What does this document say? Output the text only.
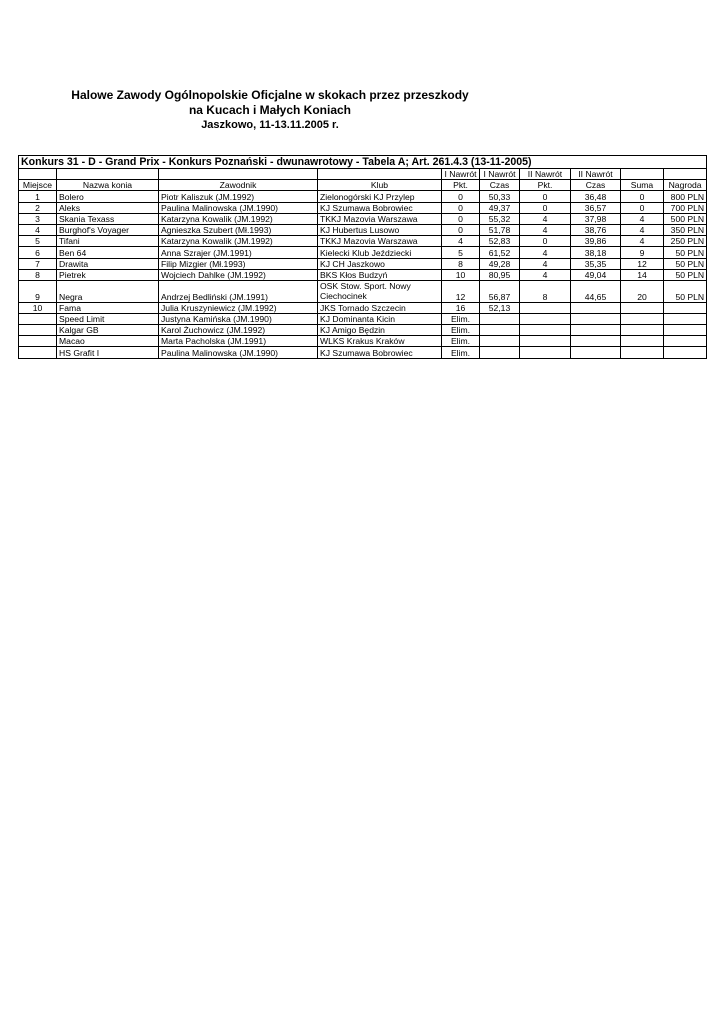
Halowe Zawody Ogólnopolskie Oficjalne w skokach przez przeszkody
na Kucach i Małych Koniach
Jaszkowo, 11-13.11.2005 r.
Konkurs 31 - D - Grand Prix - Konkurs Poznański - dwunawrotowy - Tabela A; Art. 261.4.3 (13-11-2005)									
				I Nawrót	I Nawrót	II Nawrót	II Nawrót		
Miejsce	Nazwa konia	Zawodnik	Klub	Pkt.	Czas	Pkt.	Czas	Suma	Nagroda
1	Bolero	Piotr Kaliszuk (JM.1992)	Zielonogórski KJ Przylep	0	50,33	0	36,48	0	800 PLN
2	Aleks	Paulina Malinowska (JM.1990)	KJ Szumawa Bobrowiec	0	49,37	0	36,57	0	700 PLN
3	Skania Texass	Katarzyna Kowalik (JM.1992)	TKKJ Mazovia Warszawa	0	55,32	4	37,98	4	500 PLN
4	Burghof's Voyager	Agnieszka Szubert (Mł.1993)	KJ Hubertus Lusowo	0	51,78	4	38,76	4	350 PLN
5	Tifani	Katarzyna Kowalik (JM.1992)	TKKJ Mazovia Warszawa	4	52,83	0	39,86	4	250 PLN
6	Ben 64	Anna Szrajer (JM.1991)	Kielecki Klub Jeździecki	5	61,52	4	38,18	9	50 PLN
7	Drawita	Filip Mizgier (Mł.1993)	KJ CH Jaszkowo	8	49,28	4	35,35	12	50 PLN
8	Pietrek	Wojciech Dahlke (JM.1992)	BKS Kłos Budzyń	10	80,95	4	49,04	14	50 PLN
9	Negra	Andrzej Bedliński (JM.1991)	OSK Stow. Sport. Nowy Ciechocinek	12	56,87	8	44,65	20	50 PLN
10	Fama	Julia Kruszyniewicz (JM.1992)	JKS Tornado Szczecin	16	52,13				
	Speed Limit	Justyna Kamińska (JM.1990)	KJ Dominanta Kicin	Elim.					
	Kalgar GB	Karol Żuchowicz (JM.1992)	KJ Amigo Będzin	Elim.					
	Macao	Marta Pacholska (JM.1991)	WLKS Krakus Kraków	Elim.					
	HS Grafit I	Paulina Malinowska (JM.1990)	KJ Szumawa Bobrowiec	Elim.					
